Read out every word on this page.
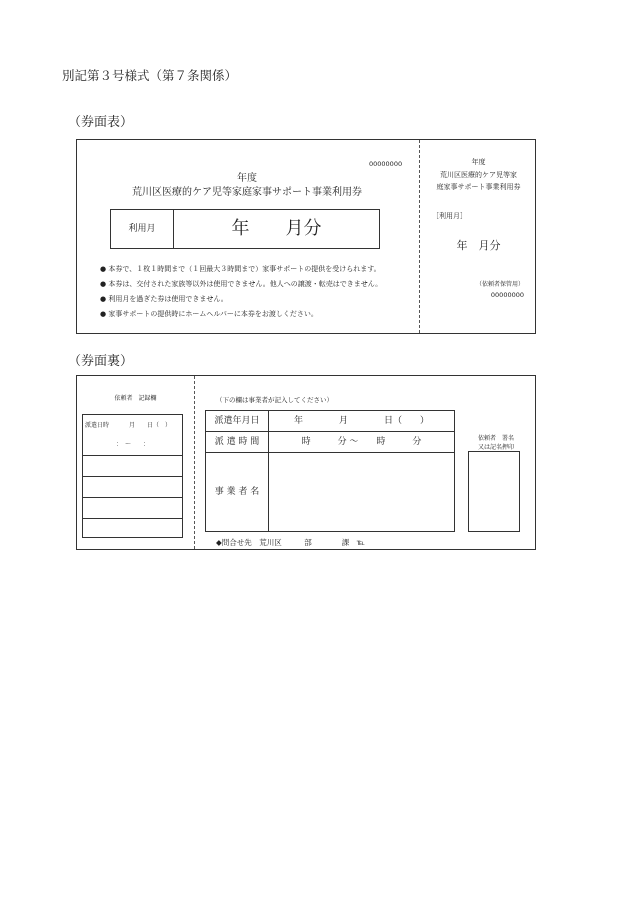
別記第３号様式（第７条関係）
（券面表）
00000000
年度
荒川区医療的ケア児等家庭家事サポート事業利用券
利用月	年　　月分
● 本券で、１枚１時間まで（１回最大３時間まで）家事サポートの提供を受けられます。
● 本券は、交付された家族等以外は使用できません。他人への譲渡・転売はできません。
● 利用月を過ぎた券は使用できません。
● 家事サポートの提供時にホームヘルパーに本券をお渡しください。
年度
荒川区医療的ケア児等家
庭家事サポート事業利用券
［利用月］
年　月分
（依頼者保管用）
00000000
（券面裏）
依頼者　記録欄
派遣日時	月　　日（　）
：　～　　：
（下の欄は事業者が記入してください）
派遣年月日	年　　　　月　　　　日（　　）
派 遣 時 間	時　　　分 ～　　時　　　分
事 業 者 名
依頼者　署名
又は記名押印
◆問合せ先　荒川区　　　部　　　　課　℡
